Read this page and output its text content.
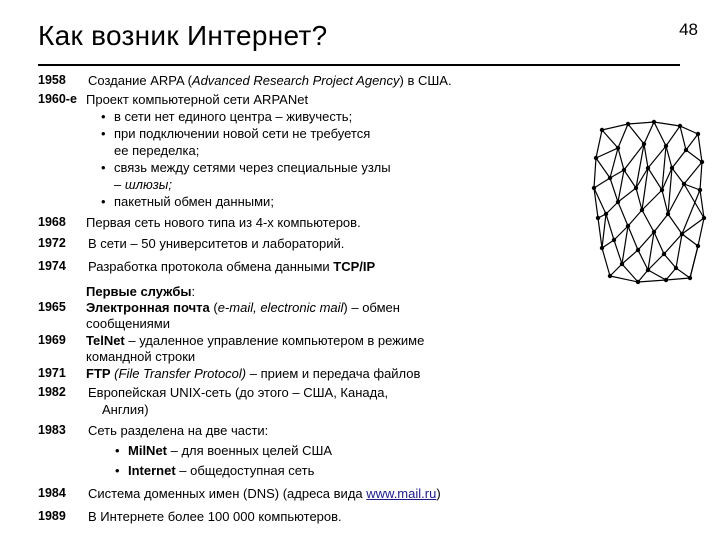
Как возник Интернет?	48
1958 Создание ARPA (Advanced Research Project Agency) в США.
1960-е Проект компьютерной сети ARPANet
• в сети нет единого центра – живучесть;
• при подключении новой сети не требуется
ее переделка;
• связь между сетями через специальные узлы
– шлюзы;
• пакетный обмен данными;
1968 Первая сеть нового типа из 4-х компьютеров.
1972 В сети – 50 университетов и лабораторий.
1974 Разработка протокола обмена данными TCP/IP
Первые службы:
1965 Электронная почта (e-mail, electronic mail) – обмен
сообщениями
1969 TelNet – удаленное управление компьютером в режиме
командной строки
1971 FTP (File Transfer Protocol) – прием и передача файлов
1982 Европейская UNIX-сеть (до этого – США, Канада,
Англия)
1983 Сеть разделена на две части:
• MilNet – для военных целей США
• Internet – общедоступная сеть
1984 Система доменных имен (DNS) (адреса вида www.mail.ru)
1989 В Интернете более 100 000 компьютеров.
